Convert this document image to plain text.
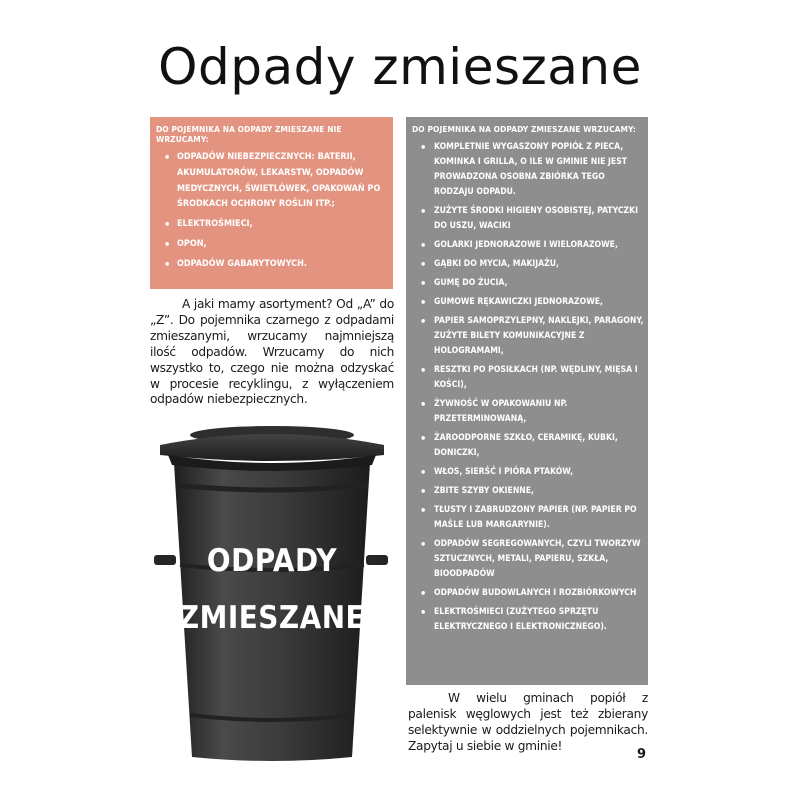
Odpady zmieszane
DO POJEMNIKA NA ODPADY ZMIESZANE NIE WRZUCAMY:
• ODPADÓW NIEBEZPIECZNYCH: BATERII, AKUMULATORÓW, LEKARSTW, ODPADÓW MEDYCZNYCH, ŚWIETLÓWEK, OPAKOWAŃ PO ŚRODKACH OCHRONY ROŚLIN ITP.;
• ELEKTROŚMIECI,
• OPON,
• ODPADÓW GABARYTOWYCH.
DO POJEMNIKA NA ODPADY ZMIESZANE WRZUCAMY:
• KOMPLETNIE WYGASZONY POPIÓŁ Z PIECA, KOMINKA I GRILLA, O ILE W GMINIE NIE JEST PROWADZONA OSOBNA ZBIÓRKA TEGO RODZAJU ODPADU.
• ZUŻYTE ŚRODKI HIGIENY OSOBISTEJ, PATYCZKI DO USZU, WACIKI
• GOLARKI JEDNORAZOWE I WIELORAZOWE,
• GĄBKI DO MYCIA, MAKIJAŻU,
• GUMĘ DO ŻUCIA,
• GUMOWE RĘKAWICZKI JEDNORAZOWE,
• PAPIER SAMOPRZYLEPNY, NAKLEJKI, PARAGONY, ZUŻYTE BILETY KOMUNIKACYJNE Z HOLOGRAMAMI,
• RESZTKI PO POSIŁKACH (NP. WĘDLINY, MIĘSA I KOŚCI),
• ŻYWNOŚĆ W OPAKOWANIU NP. PRZETERMINOWANĄ,
• ŻAROODPORNE SZKŁO, CERAMIKĘ, KUBKI, DONICZKI,
• WŁOS, SIERŚĆ I PIÓRA PTAKÓW,
• ZBITE SZYBY OKIENNE,
• TŁUSTY I ZABRUDZONY PAPIER (NP. PAPIER PO MAŚLE LUB MARGARYNIE).
• ODPADÓW SEGREGOWANYCH, CZYLI TWORZYW SZTUCZNYCH, METALI, PAPIERU, SZKŁA, BIOODPADÓW
• ODPADÓW BUDOWLANYCH I ROZBIÓRKOWYCH
• ELEKTROŚMIECI (ZUŻYTEGO SPRZĘTU ELEKTRYCZNEGO I ELEKTRONICZNEGO).
A jaki mamy asortyment? Od „A” do „Z”. Do pojemnika czarnego z odpadami zmieszanymi, wrzucamy najmniejszą ilość odpadów. Wrzucamy do nich wszystko to, czego nie można odzyskać w procesie recyklingu, z wyłączeniem odpadów niebezpiecznych.
ODPADY
ZMIESZANE
W wielu gminach popiół z palenisk węglowych jest też zbierany selektywnie w oddzielnych pojemnikach. Zapytaj u siebie w gminie!
9
